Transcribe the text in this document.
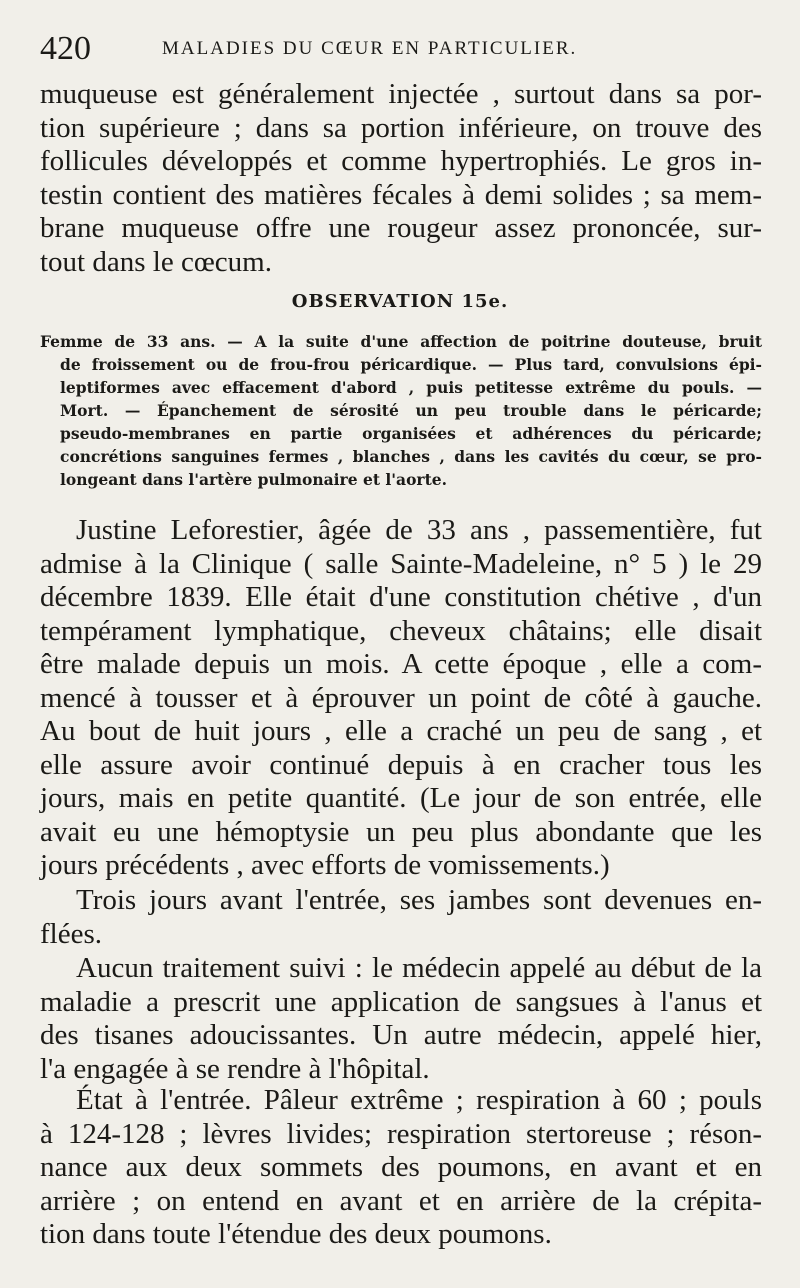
420	MALADIES DU CŒUR EN PARTICULIER.

muqueuse est généralement injectée , surtout dans sa por-
tion supérieure ; dans sa portion inférieure, on trouve des
follicules développés et comme hypertrophiés. Le gros in-
testin contient des matières fécales à demi solides ; sa mem-
brane muqueuse offre une rougeur assez prononcée, sur-
tout dans le cœcum.

OBSERVATION 15e.

Femme de 33 ans. — A la suite d'une affection de poitrine douteuse, bruit
de froissement ou de frou-frou péricardique. — Plus tard, convulsions épi-
leptiformes avec effacement d'abord , puis petitesse extrême du pouls. —
Mort. — Épanchement de sérosité un peu trouble dans le péricarde;
pseudo-membranes en partie organisées et adhérences du péricarde;
concrétions sanguines fermes , blanches , dans les cavités du cœur, se pro-
longeant dans l'artère pulmonaire et l'aorte.

Justine Leforestier, âgée de 33 ans , passementière, fut
admise à la Clinique ( salle Sainte-Madeleine, n° 5 ) le 29
décembre 1839. Elle était d'une constitution chétive , d'un
tempérament lymphatique, cheveux châtains; elle disait
être malade depuis un mois. A cette époque , elle a com-
mencé à tousser et à éprouver un point de côté à gauche.
Au bout de huit jours , elle a craché un peu de sang , et
elle assure avoir continué depuis à en cracher tous les
jours, mais en petite quantité. (Le jour de son entrée, elle
avait eu une hémoptysie un peu plus abondante que les
jours précédents , avec efforts de vomissements.)

Trois jours avant l'entrée, ses jambes sont devenues en-
flées.

Aucun traitement suivi : le médecin appelé au début de la
maladie a prescrit une application de sangsues à l'anus et
des tisanes adoucissantes. Un autre médecin, appelé hier,
l'a engagée à se rendre à l'hôpital.

État à l'entrée. Pâleur extrême ; respiration à 60 ; pouls
à 124-128 ; lèvres livides; respiration stertoreuse ; réson-
nance aux deux sommets des poumons, en avant et en
arrière ; on entend en avant et en arrière de la crépita-
tion dans toute l'étendue des deux poumons.
